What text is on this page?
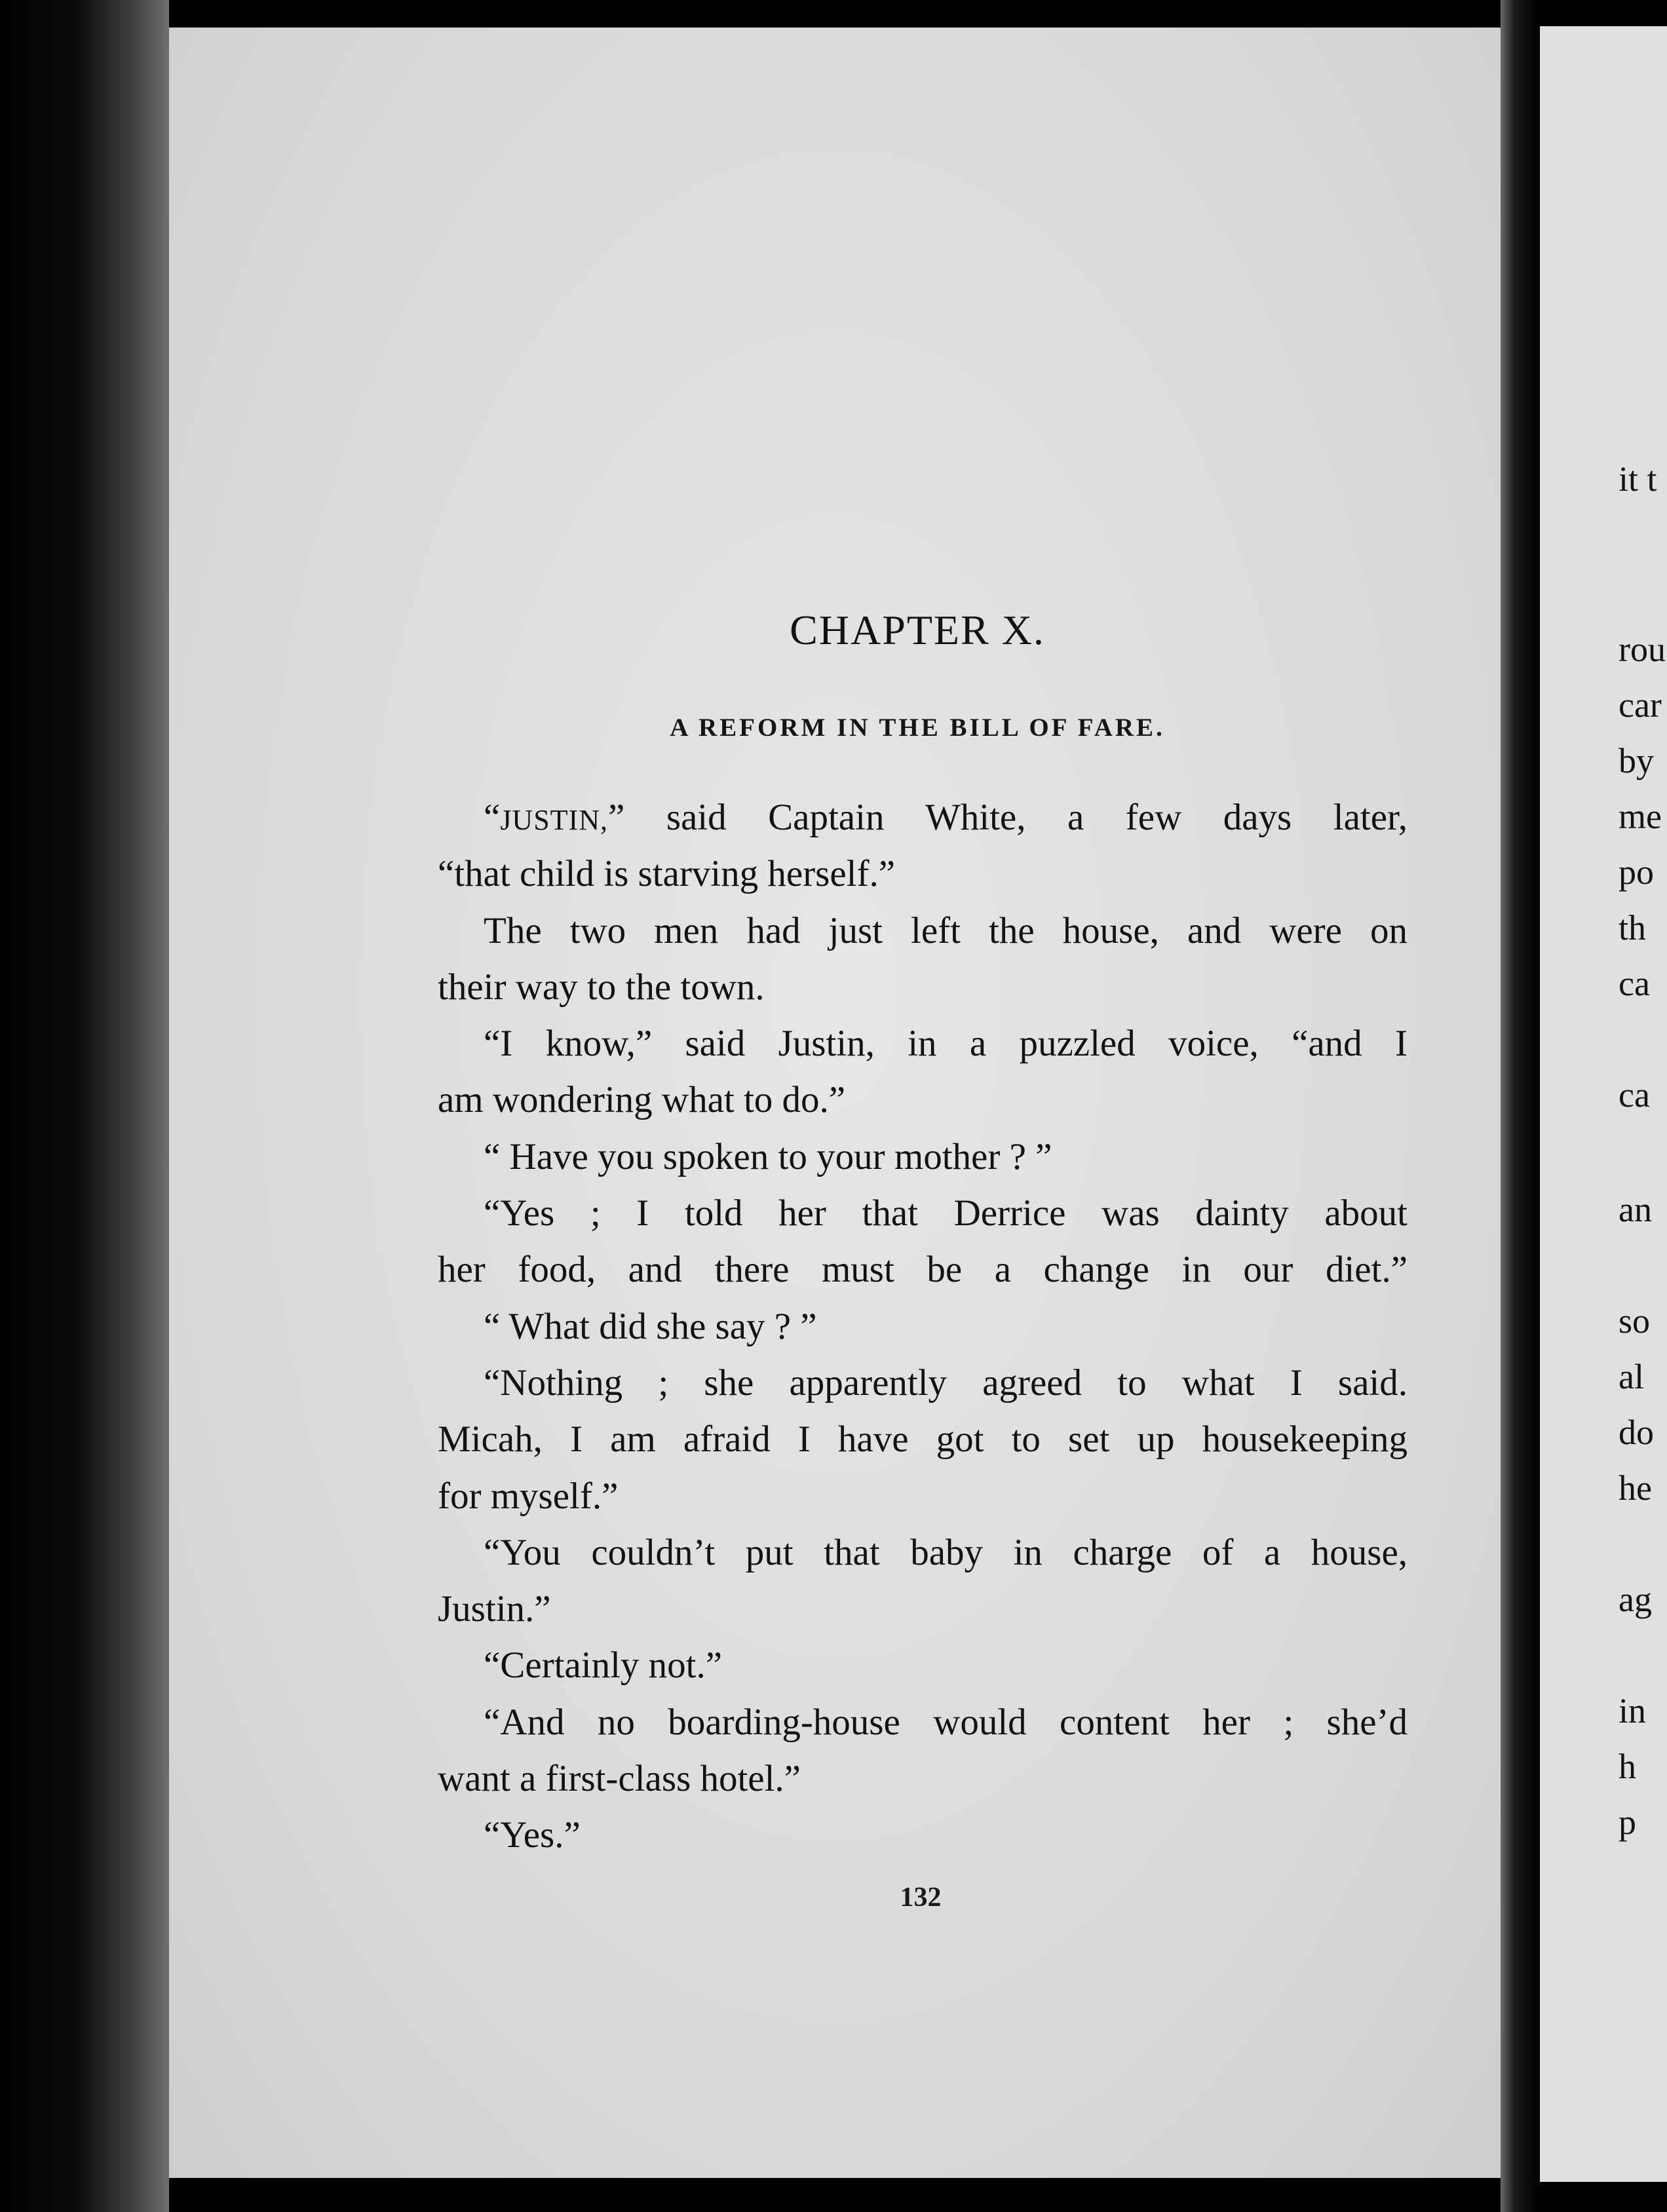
CHAPTER X.
A REFORM IN THE BILL OF FARE.
“JUSTIN,” said Captain White, a few days later,
“that child is starving herself.”
The two men had just left the house, and were on
their way to the town.
“I know,” said Justin, in a puzzled voice, “and I
am wondering what to do.”
“ Have you spoken to your mother ? ”
“Yes ; I told her that Derrice was dainty about
her food, and there must be a change in our diet.”
“ What did she say ? ”
“Nothing ; she apparently agreed to what I said.
Micah, I am afraid I have got to set up housekeeping
for myself.”
“You couldn’t put that baby in charge of a house,
Justin.”
“Certainly not.”
“And no boarding-house would content her ; she’d
want a first-class hotel.”
“Yes.”
132
it t
rou
car
by
me
po
th
ca
ca
an
so
al
do
he
ag
in
h
p
